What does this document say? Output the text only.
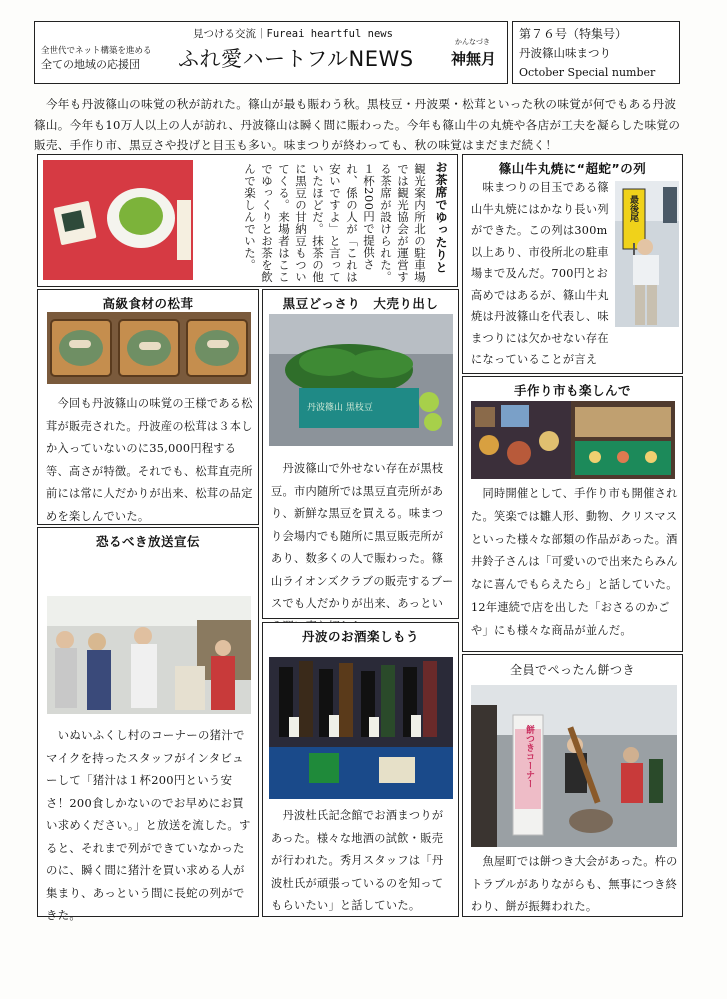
全世代でネット構築を進める
全ての地域の応援団
見つける交流｜Fureai heartful news
ふれ愛ハートフルNEWS
かんなづき
神無月
第７６号（特集号）
丹波篠山味まつり
October Special number
　今年も丹波篠山の味覚の秋が訪れた。篠山が最も賑わう秋。黒枝豆・丹波栗・松茸といった秋の味覚が何でもある丹波篠山。今年も10万人以上の人が訪れ、丹波篠山は瞬く間に賑わった。今年も篠山牛の丸焼や各店が工夫を凝らした味覚の販売、手作り市、黒豆さや投げと目玉も多い。味まつりが終わっても、秋の味覚はまだまだ続く！
観光案内所北の駐車場では観光協会が運営する茶席が設けられた。１杯200円で提供され、係の人が「これは安いですよ」と言っていたほどだ。抹茶の他に黒豆の甘納豆もついてくる。来場者はここでゆっくりとお茶を飲んで楽しんでいた。	お茶席でゆったりと	篠山牛丸焼に“超蛇”の列
　味まつりの目玉である篠山牛丸焼にはかなり長い列ができた。この列は300m以上あり、市役所北の駐車場まで及んだ。700円とお高めではあるが、篠山牛丸焼は丹波篠山を代表し、味まつりには欠かせない存在になっていることが言え
最後尾
高級食材の松茸
　今回も丹波篠山の味覚の王様である松茸が販売された。丹波産の松茸は３本しか入っていないのに35,000円程する等、高さが特徴。それでも、松茸直売所前には常に人だかりが出来、松茸の品定めを楽しんでいた。
黒豆どっさり　大売り出し
丹波篠山 黒枝豆
　丹波篠山で外せない存在が黒枝豆。市内随所では黒豆直売所があり、新鮮な黒豆を買える。味まつり会場内でも随所に黒豆販売所があり、数多くの人で賑わった。篠山ライオンズクラブの販売するブースでも人だかりが出来、あっとい
手作り市も楽しんで
　同時開催として、手作り市も開催された。笑楽では雛人形、動物、クリスマスといった様々な部類の作品があった。酒井鈴子さんは「可愛いので出来たらみんなに喜んでもらえたら」と話していた。12年連続で店を出した「おさるのかごや」にも様々な商品が並んだ。
恐るべき放送宣伝
　いぬいふくし村のコーナーの猪汁でマイクを持ったスタッフがインタビューして「猪汁は１杯200円という安さ！200食しかないのでお早めにお買い求めください。」と放送を流した。すると、それまで列ができていなかったのに、瞬く間に猪汁を買い求める人が集まり、あっという間に長蛇の列ができた。
丹波のお酒楽しもう
　丹波杜氏記念館でお酒まつりがあった。様々な地酒の試飲・販売が行われた。秀月スタッフは「丹波杜氏が頑張っているのを知ってもらいたい」と話していた。
全員でぺったん餅つき
餅つきコーナー
　魚屋町では餅つき大会があった。杵のトラブルがありながらも、無事につき終わり、餅が振舞われた。
